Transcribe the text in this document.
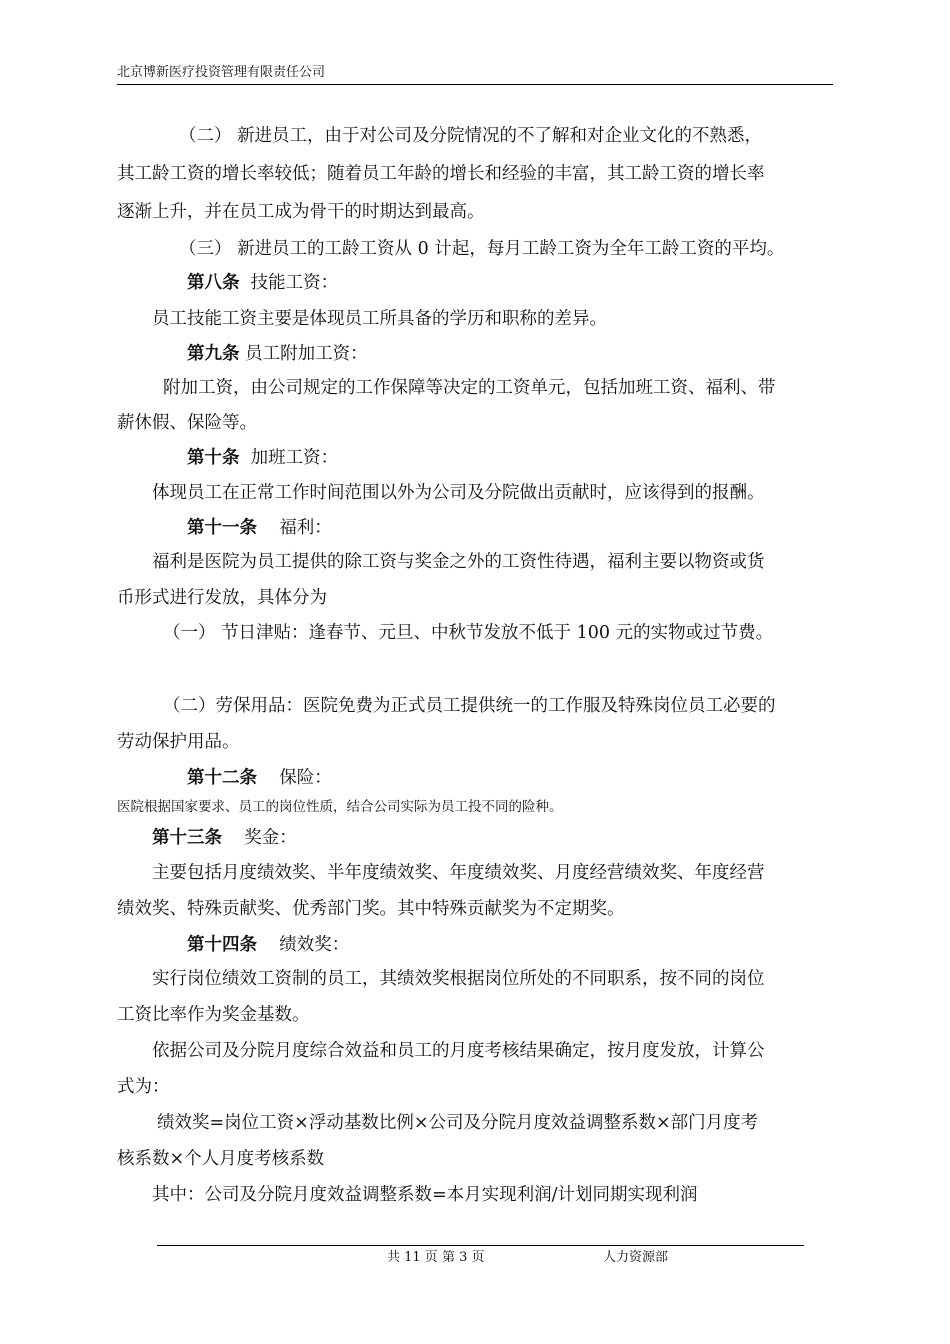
北京博新医疗投资管理有限责任公司
（二） 新进员工，由于对公司及分院情况的不了解和对企业文化的不熟悉，
其工龄工资的增长率较低；随着员工年龄的增长和经验的丰富，其工龄工资的增长率
逐渐上升，并在员工成为骨干的时期达到最高。
（三） 新进员工的工龄工资从 0 计起，每月工龄工资为全年工龄工资的平均。
第八条 技能工资：
员工技能工资主要是体现员工所具备的学历和职称的差异。
第九条 员工附加工资：
附加工资，由公司规定的工作保障等决定的工资单元，包括加班工资、福利、带
薪休假、保险等。
第十条 加班工资：
体现员工在正常工作时间范围以外为公司及分院做出贡献时，应该得到的报酬。
第十一条 福利：
福利是医院为员工提供的除工资与奖金之外的工资性待遇，福利主要以物资或货
币形式进行发放，具体分为
（一） 节日津贴：逢春节、元旦、中秋节发放不低于 100 元的实物或过节费。
（二）劳保用品：医院免费为正式员工提供统一的工作服及特殊岗位员工必要的
劳动保护用品。
第十二条 保险：
医院根据国家要求、员工的岗位性质，结合公司实际为员工投不同的险种。
第十三条 奖金：
主要包括月度绩效奖、半年度绩效奖、年度绩效奖、月度经营绩效奖、年度经营
绩效奖、特殊贡献奖、优秀部门奖。其中特殊贡献奖为不定期奖。
第十四条 绩效奖：
实行岗位绩效工资制的员工，其绩效奖根据岗位所处的不同职系，按不同的岗位
工资比率作为奖金基数。
依据公司及分院月度综合效益和员工的月度考核结果确定，按月度发放，计算公
式为：
绩效奖=岗位工资×浮动基数比例×公司及分院月度效益调整系数×部门月度考
核系数×个人月度考核系数
其中：公司及分院月度效益调整系数=本月实现利润/计划同期实现利润
共 11 页 第 3 页	人力资源部
